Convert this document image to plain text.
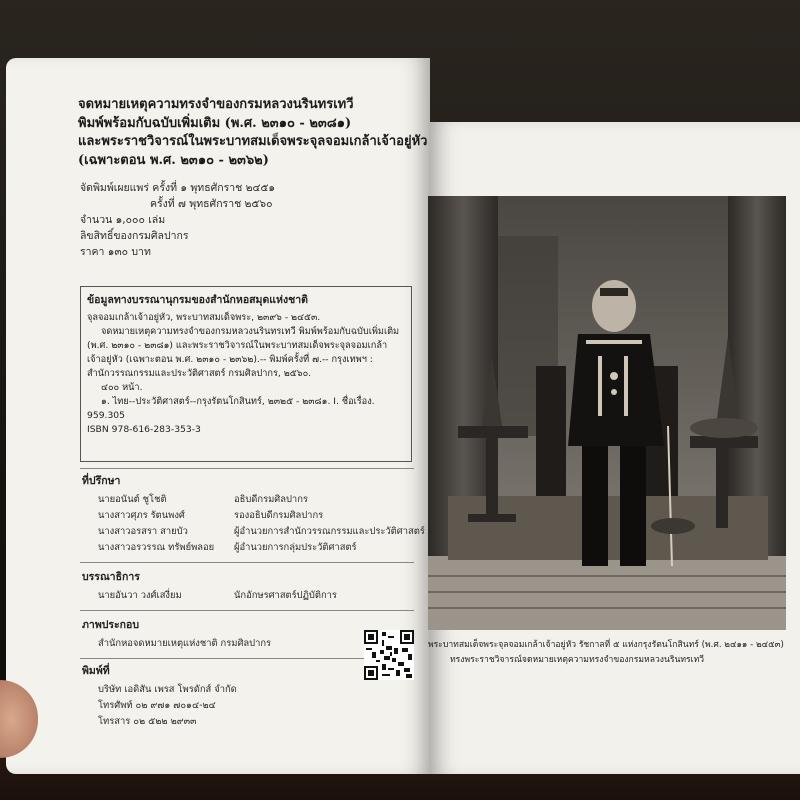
จดหมายเหตุความทรงจำของกรมหลวงนรินทรเทวี
พิมพ์พร้อมกับฉบับเพิ่มเติม (พ.ศ. ๒๓๑๐ - ๒๓๘๑)
และพระราชวิจารณ์ในพระบาทสมเด็จพระจุลจอมเกล้าเจ้าอยู่หัว
(เฉพาะตอน พ.ศ. ๒๓๑๐ - ๒๓๖๒)
จัดพิมพ์เผยแพร่ ครั้งที่ ๑ พุทธศักราช ๒๔๕๑
ครั้งที่ ๗ พุทธศักราช ๒๕๖๐
จำนวน ๑,๐๐๐ เล่ม
ลิขสิทธิ์ของกรมศิลปากร
ราคา ๑๓๐ บาท
ข้อมูลทางบรรณานุกรมของสำนักหอสมุดแห่งชาติ
จุลจอมเกล้าเจ้าอยู่หัว, พระบาทสมเด็จพระ, ๒๓๙๖ - ๒๔๕๓.
จดหมายเหตุความทรงจำของกรมหลวงนรินทรเทวี พิมพ์พร้อมกับฉบับเพิ่มเติม
(พ.ศ. ๒๓๑๐ - ๒๓๘๑) และพระราชวิจารณ์ในพระบาทสมเด็จพระจุลจอมเกล้า
เจ้าอยู่หัว (เฉพาะตอน พ.ศ. ๒๓๑๐ - ๒๓๖๒).-- พิมพ์ครั้งที่ ๗.-- กรุงเทพฯ :
สำนักวรรณกรรมและประวัติศาสตร์ กรมศิลปากร, ๒๕๖๐.
๔๐๐ หน้า.
๑. ไทย--ประวัติศาสตร์--กรุงรัตนโกสินทร์, ๒๓๒๕ - ๒๓๘๑. I. ชื่อเรื่อง.
959.305
ISBN 978-616-283-353-3
ที่ปรึกษา
นายอนันต์ ชูโชติ	อธิบดีกรมศิลปากร
นางสาวศุภร รัตนพงศ์	รองอธิบดีกรมศิลปากร
นางสาวอรสรา สายบัว	ผู้อำนวยการสำนักวรรณกรรมและประวัติศาสตร์
นางสาวอรวรรณ ทรัพย์พลอย ผู้อำนวยการกลุ่มประวัติศาสตร์
บรรณาธิการ
นายอันวา วงศ์เสงี่ยม	นักอักษรศาสตร์ปฏิบัติการ
ภาพประกอบ
สำนักหอจดหมายเหตุแห่งชาติ กรมศิลปากร
พิมพ์ที่
บริษัท เอดิสัน เพรส โพรดักส์ จำกัด
โทรศัพท์ ๐๒ ๙๗๑ ๗๐๑๔-๒๔
โทรสาร ๐๒ ๕๒๒ ๒๙๓๓
พระบาทสมเด็จพระจุลจอมเกล้าเจ้าอยู่หัว รัชกาลที่ ๕ แห่งกรุงรัตนโกสินทร์ (พ.ศ. ๒๔๑๑ - ๒๔๕๓)
ทรงพระราชวิจารณ์จดหมายเหตุความทรงจำของกรมหลวงนรินทรเทวี
